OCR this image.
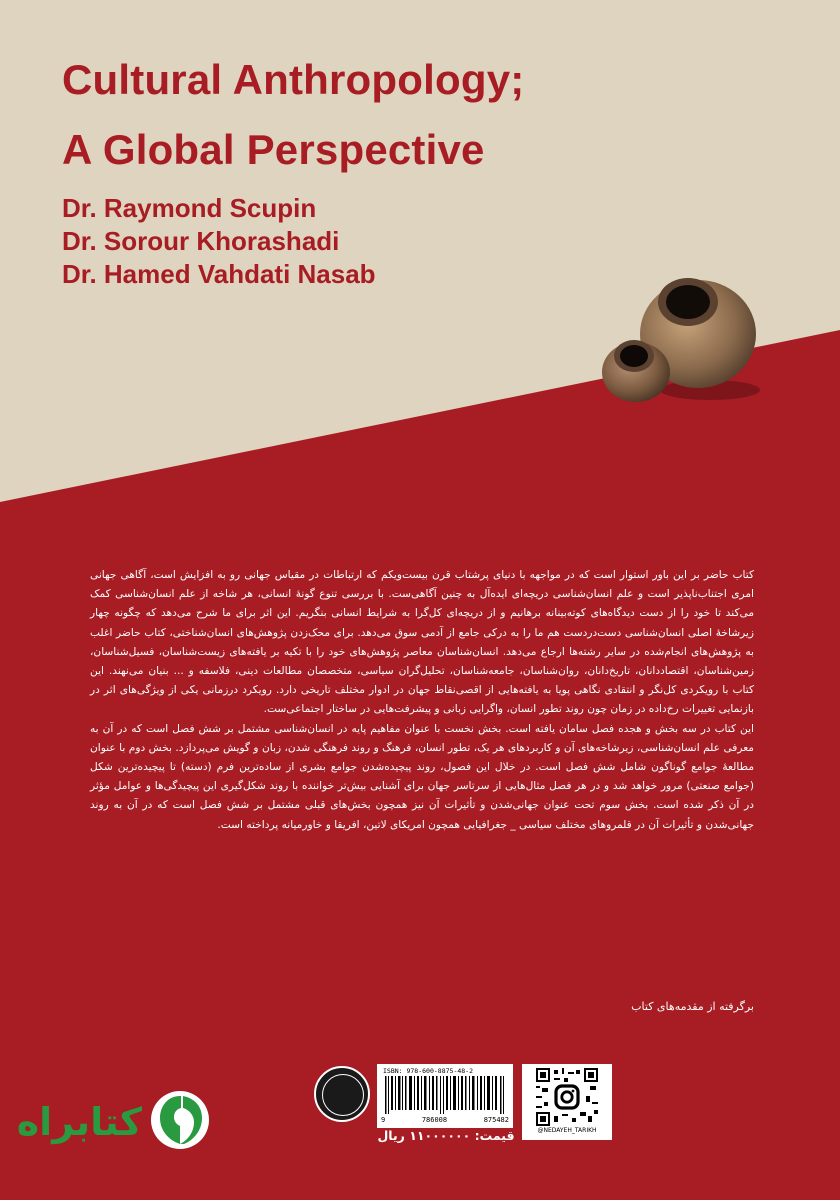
Cultural Anthropology;
A Global Perspective
Dr. Raymond Scupin
Dr. Sorour Khorashadi
Dr. Hamed Vahdati Nasab

کتاب حاضر بر این باور استوار است که در مواجهه با دنیای پرشتاب قرن بیست‌ویکم که ارتباطات در مقیاس جهانی رو به افزایش است، آگاهی جهانی امری اجتناب‌ناپذیر است و علم انسان‌شناسی دریچه‌ای ایده‌آل به چنین آگاهی‌ست. با بررسی تنوع گونهٔ انسانی، هر شاخه از علم انسان‌شناسی کمک می‌کند تا خود را از دست دیدگاه‌های کوته‌بینانه برهانیم و از دریچه‌ای کل‌گرا به شرایط انسانی بنگریم. این اثر برای ما شرح می‌دهد که چگونه چهار زیرشاخهٔ اصلی انسان‌شناسی دست‌دردست هم ما را به درکی جامع از آدمی سوق می‌دهد. برای محک‌زدن پژوهش‌های انسان‌شناختی، کتاب حاضر اغلب به پژوهش‌های انجام‌شده در سایر رشته‌ها ارجاع می‌دهد. انسان‌شناسان معاصر پژوهش‌های خود را با تکیه بر یافته‌های زیست‌شناسان، فسیل‌شناسان، زمین‌شناسان، اقتصاددانان، تاریخ‌دانان، روان‌شناسان، جامعه‌شناسان، تحلیل‌گران سیاسی، متخصصان مطالعات دینی، فلاسفه و ... بنیان می‌نهند. این کتاب با رویکردی کل‌نگر و انتقادی نگاهی پویا به یافته‌هایی از اقصی‌نقاط جهان در ادوار مختلف تاریخی دارد. رویکرد درزمانی یکی از ویژگی‌های اثر در بازنمایی تغییرات رخ‌داده در زمان چون روند تطور انسان، واگرایی زبانی و پیشرفت‌هایی در ساختار اجتماعی‌ست.

این کتاب در سه بخش و هجده فصل سامان یافته است. بخش نخست با عنوان مفاهیم پایه در انسان‌شناسی مشتمل بر شش فصل است که در آن به معرفی علم انسان‌شناسی، زیرشاخه‌های آن و کاربردهای هر یک، تطور انسان، فرهنگ و روند فرهنگی شدن، زبان و گویش می‌پردازد. بخش دوم با عنوان مطالعهٔ جوامع گوناگون شامل شش فصل است. در خلال این فصول، روند پیچیده‌شدن جوامع بشری از ساده‌ترین فرم (دسته) تا پیچیده‌ترین شکل (جوامع صنعتی) مرور خواهد شد و در هر فصل مثال‌هایی از سرتاسر جهان برای آشنایی بیش‌تر خواننده با روند شکل‌گیری این پیچیدگی‌ها و عوامل مؤثر در آن ذکر شده است. بخش سوم تحت عنوان جهانی‌شدن و تأثیرات آن نیز همچون بخش‌های قبلی مشتمل بر شش فصل است که در آن به روند جهانی‌شدن و تأثیرات آن در قلمروهای مختلف سیاسی _ جغرافیایی همچون امریکای لاتین، افریقا و خاورمیانه پرداخته است.

برگرفته از مقدمه‌های کتاب
ISBN: 978-600-8875-48-2
9	786008	875482
@NEDAYEH_TARIKH
قیمت: ۱۱۰۰۰۰۰۰ ریال
کتابراه
